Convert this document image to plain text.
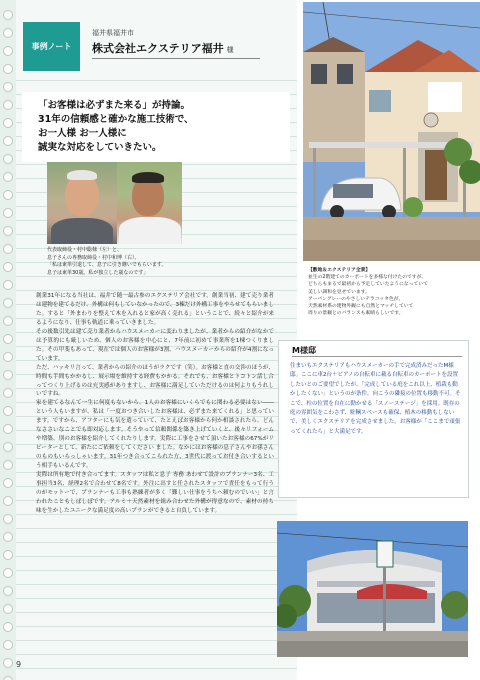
事例ノート
福井県福井市
株式会社エクステリア福井 様
「お客様は必ずまた来る」が持論。
31年の信頼感と確かな施工技術で、
お一人様 お一人様に
誠実な対応をしていきたい。
代表取締役・村中聡様（左）と、
息子さんの専務取締役・村中和博（右）。
「私は東単引退して、息子に引き継いでもらいます。
息子は東単30歳。私が独立した歳なのです」

創業31年になる当社は、福井で随一最古参のエクステリア会社です。創業当初、建て売り業者は建物を建てるだけ、外構は何もしていなかったので、3棟だけ外構工事をやらせてもらいました。すると「外まわりを整えて木を入れると家が高く売れる」ということで、続々と紹介が来るようになり、仕事も軌道に乗っていきました。

その後数引先は建て売り業者からハウスメーカーに変わりましたが、業者からの紹介がなかでは予算的にも厳しいため、個人のお客様を中心にと、7年前に初めて事業所を1棟つくりました。その甲斐もあって、現在では個人のお客様が3割、ハウスメーカーからの紹介が4割になっています。

ただ、ハッキリ言って、業者からの紹介のほうがラクです（笑）。お客様と直の交渉のほうが、時間も手間もかかるし、展示場を維持する経費もかかる。それでも、お客様とトコトン話し合ってつくり上げるのは充実感がありますし、お客様に満足していただけるのは何よりもうれしいですね。

家を建てるなんて一生に何度もないから、1人のお客様にいくらでもに関わる必要はない――という人もいますが、私は「一度おつき合いしたお客様は、必ずまた来てくれる」と思っています。ですから、アフターにも気を遣っていて、たとえばお客様から何か相談されたら、どんなささいなことでも即対応します。そうやって信頼関係を築き上げていくと、後々リフォームや増築、別のお客様を紹介してくれたりします。実際に工事をさせて頂いたお客様の67%がリピーターとして、新たにご依頼をしてください ました。なかにはお客様の息子さんやお孫さんのものもいらっしゃいます。31年つき合ってこられた方、3世代に渡ってお付き合いするという相手もいるんです。

実際は所有地で付き合ってます。スタッフは私と息子 専務 あわせて設計のプランナー3名、工事担当3名、経理2名で合わせて8名です。外注に出すと任されたスタッフで責任をもって行うのがモットーで、プランナーも工事も熟練者が多く「難しい仕事をうちへ頼むのでいい」と言われたこともしばしばです。アルミ＋天然素材を組み合わせた外構が得意なので、素材の持ち味を生かしたユニークな満足度の高いプランができると自負しています。

9
【敷地＆エクステリア全景】
並生の2階建てのカーポートを多様な付けたのですが、
どちらもまるで最初から予定していたようになっていて
美しい調和を見せています。
アーバングレーのやさしいテラコッタ色が、
天然素材系の建物外観にも自然とマッチしていて
周りの景観とのバランスも素晴らしいです。
M様邸
住まいもエクステリアもハウスメーカーの手で完成済みだったM様邸。ここに車2台＋ビアノの自転車に載る自転車のカーポートを設置したいとのご要望でしたが、「完成している庭をこれ以上、植栽も動かしたくない」というのが条件。向こうの隣接の位置も移動不可。そこで、柱の位置を自在に動かせる「スノーステージ」を採用。既存の庭の雰囲気をこわさず、駐輌スペースも確保、植木の移動もしないで、美しくエクステリアを完成させました。お客様が「ここまで頑張ってくれたら」と大満足です。
